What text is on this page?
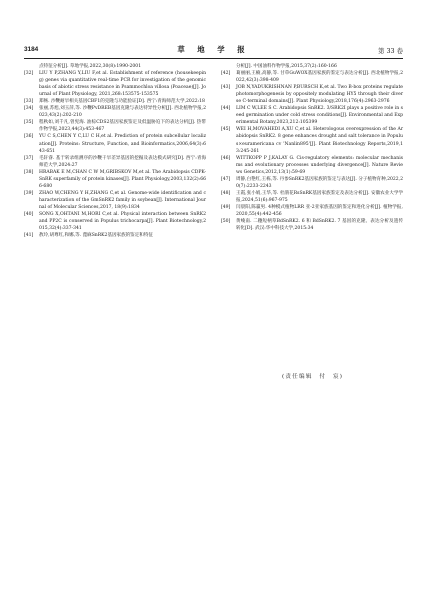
3184	草 地 学 报	第 33 卷
点特征分析[J]. 草地学报,2022,30(8):1990-2001
[32] LIU Y P,ZHANG Y,LIU F,et al. Establishment of reference (housekeeping) genes via quantitative real-time PCR for investigation of the genomic basis of abiotic stress resistance in Psammochloa villosa (Poaceae)[J]. Journal of Plant Physiology, 2021,268:153575-153575
[33] 郑畅. 沙鞭耐旱相关基因CBF1的克隆与功能验证[D]. 西宁:青海师范大学,2022:18
[34] 张丽,苏旭,刘玉萍,等. 沙鞭PvDREB基因克隆与表达特异性分析[J]. 西北植物学报,2023,43(2):202-210
[35] 程秋如,刘千凡,曾宪海. 油棕CDS2基因家族鉴定及低温胁迫下的表达分析[J]. 热带作物学报,2023,44(3):453-467
[36] YU C S,CHEN Y C,LU C H,et al. Prediction of protein subcellular localization[J]. Proteins: Structure, Function, and Bioinformatics,2006,64(3):643-651
[37] 毛轩睿. 基于转录组测序的沙鞭干旱差异基因的挖掘及表达模式研究[D]. 西宁:青海师范大学,2024:27
[38] HRABAK E M,CHAN C W M,GRIBSKOV M,et al. The Arabidopsis CDPK-SnRK superfamily of protein kinases[J]. Plant Physiology,2003,132(2):666-680
[39] ZHAO W,CHENG Y H,ZHANG C,et al. Genome-wide identification and characterization of the GmSnRK2 family in soybean[J]. International Journal of Molecular Sciences,2017, 18(9):1834
[40] SONG X,OHTANI M,HORI C,et al. Physical interaction between SnRK2 and PP2C is conserved in Populus trichocarpa[J]. Plant Biotechnology,2015,32(4):337-341
[41] 敖玲,胡尊红,和娜,等. 蓖麻SnRK2基因家族的鉴定和特征
分析[J]. 中国油料作物学报,2015,37(2):160-166
[42] 葛丽丽,王楠,高静,等. 甘草GuWOX基因家族的鉴定与表达分析[J]. 西北植物学报,2022,42(3):398-409
[43] JOB N,YADUKRISHNAN P,BURSCH K,et al. Two B-box proteins regulate photomorphogenesis by oppositely modulating HY5 through their diverse C-terminal domains[J]. Plant Physiology,2018,176(4):2963-2976
[44] LIM C W,LEE S C. Arabidopsis SnRK2. 3/SRK2I plays a positive role in seed germination under cold stress conditions[J]. Environmental and Experimental Botany,2023,212:105399
[45] WEI H,MOVAHEDI A,XU C,et al. Heterologous overexpression of the Arabidopsis SnRK2. 8 gene enhances drought and salt tolerance in Populus×euramericana cv 'Nanlin895'[J]. Plant Biotechnology Reports,2019,13:245-261
[46] WITTKOPP P J,KALAY G. Cis-regulatory elements: molecular mechanisms and evolutionary processes underlying divergence[J]. Nature Reviews Genetics,2012,13(1):59-69
[47] 周静,白艳红,王栋,等. 丹参SnRK2基因家族的鉴定与表达[J]. 分子植物育种,2022,20(7):2233-2243
[48] 王霞,张小娟,王华,等. 杜鹃花RsSnRK基因家族鉴定及表达分析[J]. 安徽农业大学学报,2024,51(6):967-975
[49] 闫晨阳,陈赢男. 4种模式植物LRR 亚-2亚家族基因的鉴定和进化分析[J]. 植物学报,2020,55(4):442-456
[50] 黄峻南. 二穗短柄草BdSnRK2. 6 和 BdSnRK2. 7 基因的克隆、表达分析及遗传转化[D]. 武汉:华中科技大学,2015:34
(责任编辑　付　宸)
